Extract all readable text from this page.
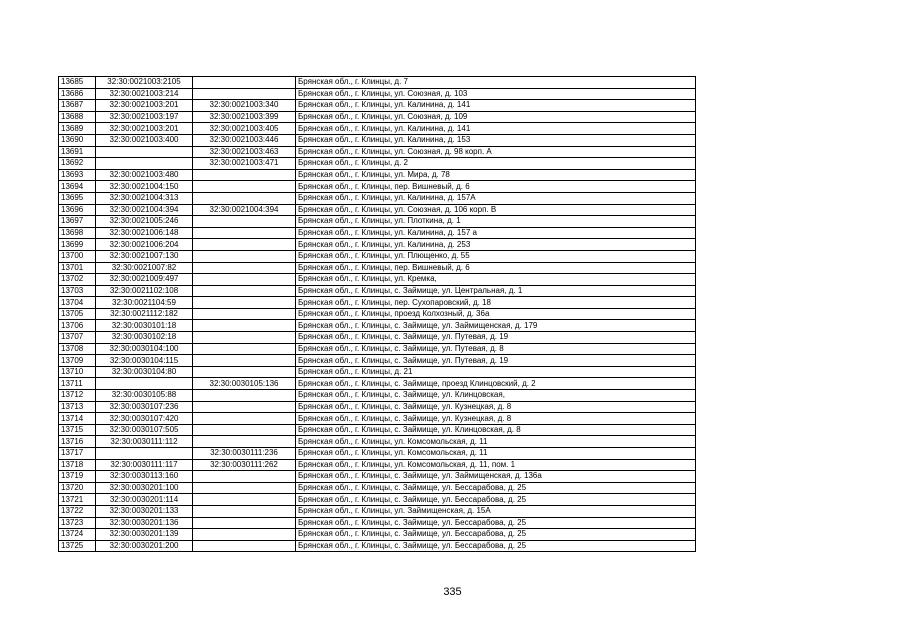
13685	32:30:0021003:2105		Брянская обл., г. Клинцы, д. 7
13686	32:30:0021003:214		Брянская обл., г. Клинцы, ул. Союзная, д. 103
13687	32:30:0021003:201	32:30:0021003:340	Брянская обл., г. Клинцы, ул. Калинина, д. 141
13688	32:30:0021003:197	32:30:0021003:399	Брянская обл., г. Клинцы, ул. Союзная, д. 109
13689	32:30:0021003:201	32:30:0021003:405	Брянская обл., г. Клинцы, ул. Калинина, д. 141
13690	32:30:0021003:400	32:30:0021003:446	Брянская обл., г. Клинцы, ул. Калинина, д. 153
13691		32:30:0021003:463	Брянская обл., г. Клинцы, ул. Союзная, д. 98 корп. А
13692		32:30:0021003:471	Брянская обл., г. Клинцы, д. 2
13693	32:30:0021003:480		Брянская обл., г. Клинцы, ул. Мира, д. 78
13694	32:30:0021004:150		Брянская обл., г. Клинцы, пер. Вишневый, д. 6
13695	32:30:0021004:313		Брянская обл., г. Клинцы, ул. Калинина, д. 157А
13696	32:30:0021004:394	32:30:0021004:394	Брянская обл., г. Клинцы, ул. Союзная, д. 106 корп. В
13697	32:30:0021005:246		Брянская обл., г. Клинцы, ул. Плоткина, д. 1
13698	32:30:0021006:148		Брянская обл., г. Клинцы, ул. Калинина, д. 157 а
13699	32:30:0021006:204		Брянская обл., г. Клинцы, ул. Калинина, д. 253
13700	32:30:0021007:130		Брянская обл., г. Клинцы, ул. Плющенко, д. 55
13701	32:30:0021007:82		Брянская обл., г. Клинцы, пер. Вишневый, д. 6
13702	32:30:0021009:497		Брянская обл., г. Клинцы, ул. Кремка,
13703	32:30:0021102:108		Брянская обл., г. Клинцы, с. Займище, ул. Центральная, д. 1
13704	32:30:0021104:59		Брянская обл., г. Клинцы, пер. Сухопаровский, д. 18
13705	32:30:0021112:182		Брянская обл., г. Клинцы, проезд Колхозный, д. 36а
13706	32:30:0030101:18		Брянская обл., г. Клинцы, с. Займище, ул. Займищенская, д. 179
13707	32:30:0030102:18		Брянская обл., г. Клинцы, с. Займище, ул. Путевая, д. 19
13708	32:30:0030104:100		Брянская обл., г. Клинцы, с. Займище, ул. Путевая, д. 8
13709	32:30:0030104:115		Брянская обл., г. Клинцы, с. Займище, ул. Путевая, д. 19
13710	32:30:0030104:80		Брянская обл., г. Клинцы, д. 21
13711		32:30:0030105:136	Брянская обл., г. Клинцы, с. Займище, проезд Клинцовский, д. 2
13712	32:30:0030105:88		Брянская обл., г. Клинцы, с. Займище, ул. Клинцовская,
13713	32:30:0030107:236		Брянская обл., г. Клинцы, с. Займище, ул. Кузнецкая, д. 8
13714	32:30:0030107:420		Брянская обл., г. Клинцы, с. Займище, ул. Кузнецкая, д. 8
13715	32:30:0030107:505		Брянская обл., г. Клинцы, с. Займище, ул. Клинцовская, д. 8
13716	32:30:0030111:112		Брянская обл., г. Клинцы, ул. Комсомольская, д. 11
13717		32:30:0030111:236	Брянская обл., г. Клинцы, ул. Комсомольская, д. 11
13718	32:30:0030111:117	32:30:0030111:262	Брянская обл., г. Клинцы, ул. Комсомольская, д. 11, пом. 1
13719	32:30:0030113:160		Брянская обл., г. Клинцы, с. Займище, ул. Займищенская, д. 136а
13720	32:30:0030201:100		Брянская обл., г. Клинцы, с. Займище, ул. Бессарабова, д. 25
13721	32:30:0030201:114		Брянская обл., г. Клинцы, с. Займище, ул. Бессарабова, д. 25
13722	32:30:0030201:133		Брянская обл., г. Клинцы, ул. Займищенская, д. 15А
13723	32:30:0030201:136		Брянская обл., г. Клинцы, с. Займище, ул. Бессарабова, д. 25
13724	32:30:0030201:139		Брянская обл., г. Клинцы, с. Займище, ул. Бессарабова, д. 25
13725	32:30:0030201:200		Брянская обл., г. Клинцы, с. Займище, ул. Бессарабова, д. 25
335
